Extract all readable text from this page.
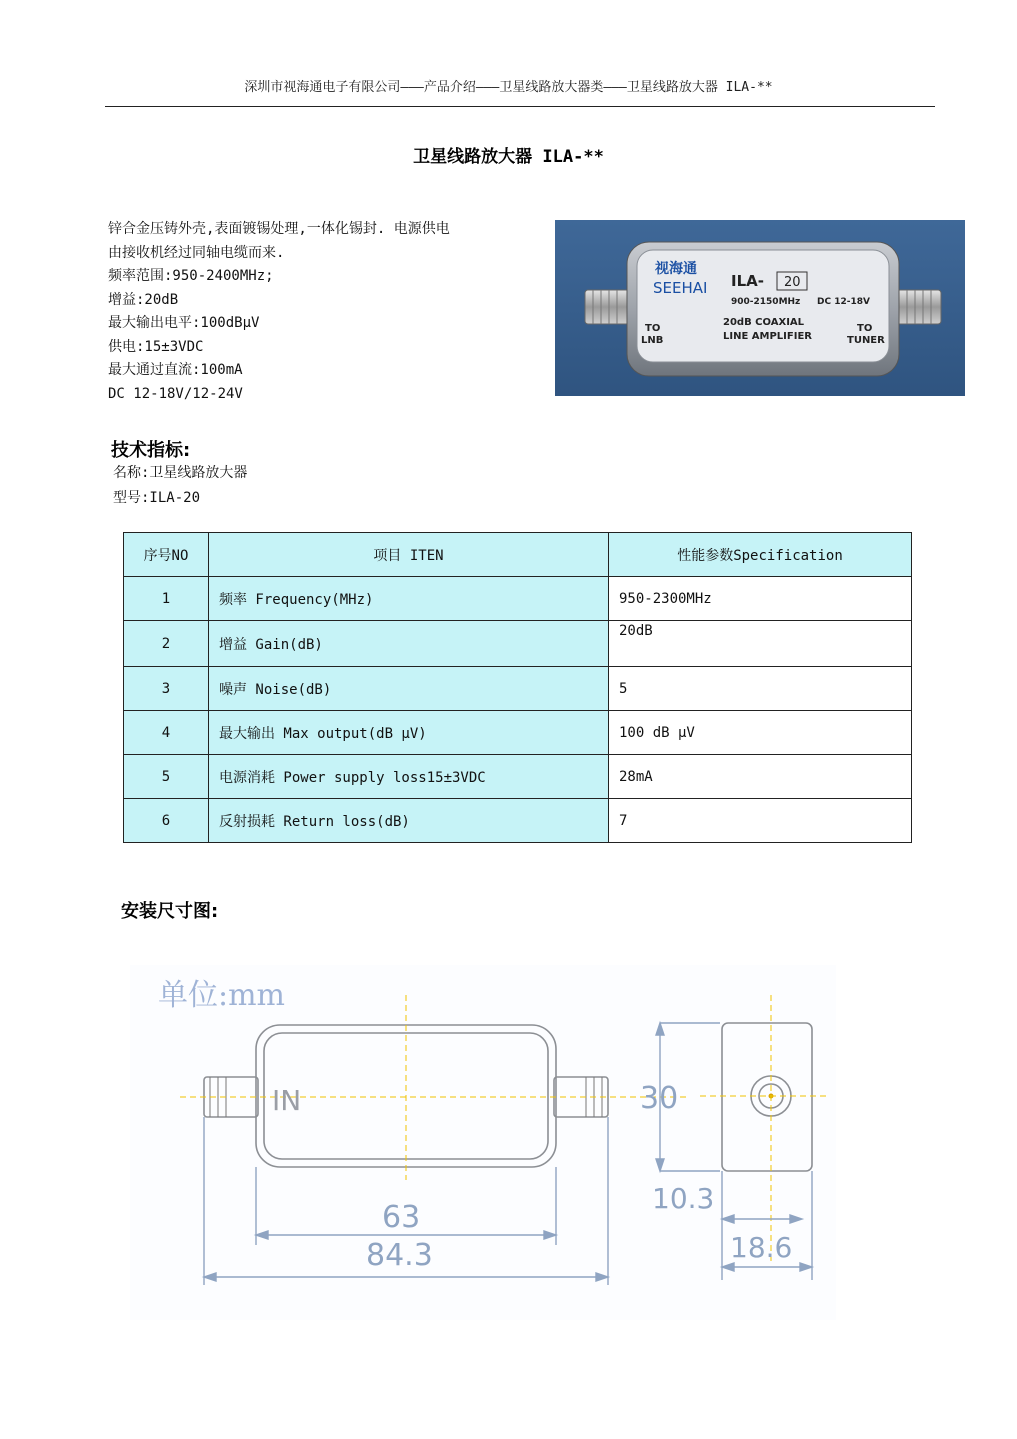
深圳市视海通电子有限公司———产品介绍———卫星线路放大器类———卫星线路放大器 ILA-**
卫星线路放大器 ILA-**
锌合金压铸外壳,表面镀锡处理,一体化锡封. 电源供电
由接收机经过同轴电缆而来.
频率范围:950-2400MHz;
增益:20dB
最大输出电平:100dBμV
供电:15±3VDC
最大通过直流:100mA
DC 12-18V/12-24V
视海通
SEEHAI ILA- 20
900-2150MHz DC 12-18V
20dB COAXIAL
LINE AMPLIFIER
TO
LNB
TO
TUNER
技术指标:
名称:卫星线路放大器
型号:ILA-20
序号NO	项目 ITEN	性能参数Specification
1	频率 Frequency(MHz)	950-2300MHz
2	增益 Gain(dB)	20dB
3	噪声 Noise(dB)	5
4	最大输出 Max output(dB μV)	100 dB μV
5	电源消耗 Power supply loss15±3VDC	28mA
6	反射损耗 Return loss(dB)	7
安装尺寸图:
单位:mm
IN	30
10.3
63
84.3	18.6
